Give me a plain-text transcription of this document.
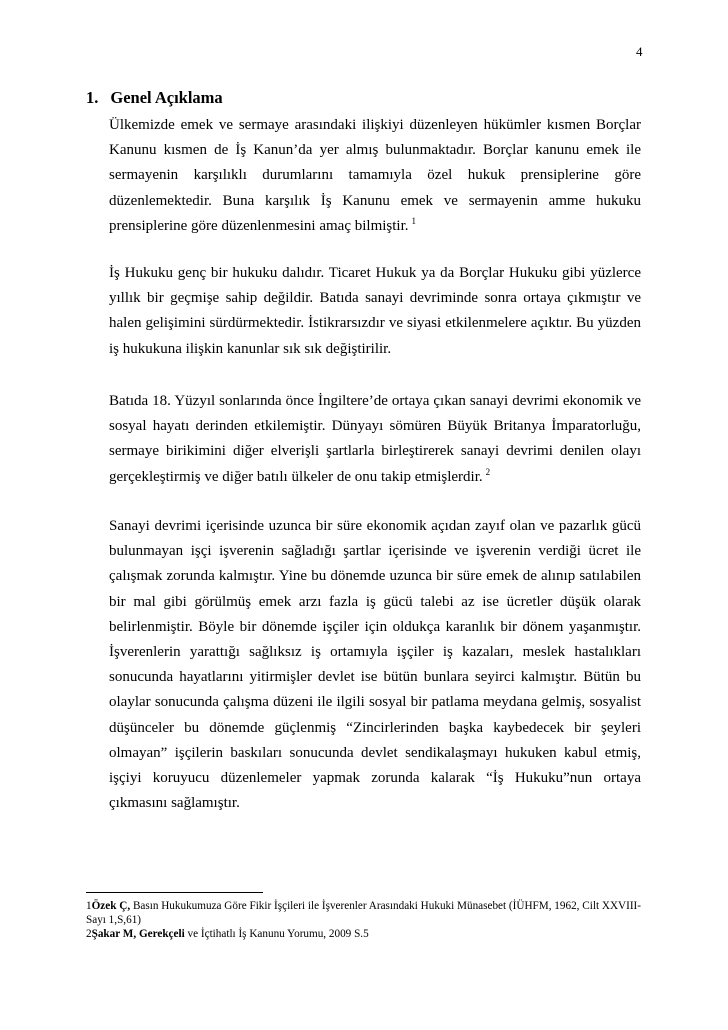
4
1. Genel Açıklama
Ülkemizde emek ve sermaye arasındaki ilişkiyi düzenleyen hükümler kısmen Borçlar Kanunu kısmen de İş Kanun’da yer almış bulunmaktadır. Borçlar kanunu emek ile sermayenin karşılıklı durumlarını tamamıyla özel hukuk prensiplerine göre düzenlemektedir. Buna karşılık İş Kanunu emek ve sermayenin amme hukuku prensiplerine göre düzenlenmesini amaç bilmiştir. $^1$
İş Hukuku genç bir hukuku dalıdır. Ticaret Hukuk ya da Borçlar Hukuku gibi yüzlerce yıllık bir geçmişe sahip değildir. Batıda sanayi devriminde sonra ortaya çıkmıştır ve halen gelişimini sürdürmektedir. İstikrarsızdır ve siyasi etkilenmelere açıktır. Bu yüzden iş hukukuna ilişkin kanunlar sık sık değiştirilir.
Batıda 18. Yüzyıl sonlarında önce İngiltere’de ortaya çıkan sanayi devrimi ekonomik ve sosyal hayatı derinden etkilemiştir. Dünyayı sömüren Büyük Britanya İmparatorluğu, sermaye birikimini diğer elverişli şartlarla birleştirerek sanayi devrimi denilen olayı gerçekleştirmiş ve diğer batılı ülkeler de onu takip etmişlerdir. $^2$
Sanayi devrimi içerisinde uzunca bir süre ekonomik açıdan zayıf olan ve pazarlık gücü bulunmayan işçi işverenin sağladığı şartlar içerisinde ve işverenin verdiği ücret ile çalışmak zorunda kalmıştır. Yine bu dönemde uzunca bir süre emek de alınıp satılabilen bir mal gibi görülmüş emek arzı fazla iş gücü talebi az ise ücretler düşük olarak belirlenmiştir. Böyle bir dönemde işçiler için oldukça karanlık bir dönem yaşanmıştır. İşverenlerin yarattığı sağlıksız iş ortamıyla işçiler iş kazaları, meslek hastalıkları sonucunda hayatlarını yitirmişler devlet ise bütün bunlara seyirci kalmıştır. Bütün bu olaylar sonucunda çalışma düzeni ile ilgili sosyal bir patlama meydana gelmiş, sosyalist düşünceler bu dönemde güçlenmiş “Zincirlerinden başka kaybedecek bir şeyleri olmayan” işçilerin baskıları sonucunda devlet sendikalaşmayı hukuken kabul etmiş, işçiyi koruyucu düzenlemeler yapmak zorunda kalarak “İş Hukuku”nun ortaya çıkmasını sağlamıştır.
1Özek Ç, Basın Hukukumuza Göre Fikir İşçileri ile İşverenler Arasındaki Hukuki Münasebet (İÜHFM, 1962, Cilt XXVIII- Sayı 1,S,61)
2Şakar M, Gerekçeli ve İçtihatlı İş Kanunu Yorumu, 2009 S.5
